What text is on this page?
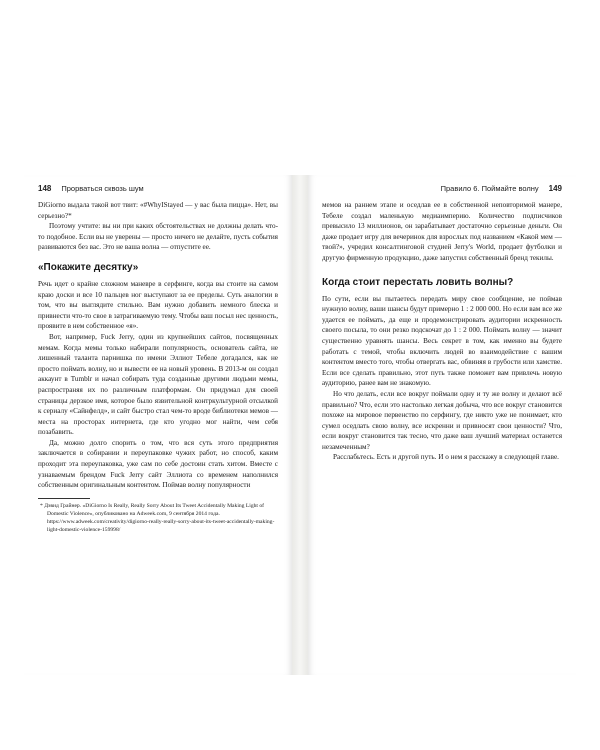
148 Прорваться сквозь шум

DiGiorno выдала такой вот твит: «#WhyIStayed — у вас была пицца». Нет, вы серьезно?*

Поэтому учтите: вы ни при каких обстоятельствах не должны делать что-то подобное. Если вы не уверены — просто ничего не делайте, пусть события развиваются без вас. Это не ваша волна — отпустите ее.

«Покажите десятку»

Речь идет о крайне сложном маневре в серфинге, когда вы стоите на самом краю доски и все 10 пальцев ног выступают за ее пределы. Суть аналогии в том, что вы выглядите стильно. Вам нужно добавить немного блеска и привнести что-то свое в затрагиваемую тему. Чтобы ваш посыл нес ценность, проявите в нем собственное «я».

Вот, например, Fuck Jerry, один из крупнейших сайтов, посвященных мемам. Когда мемы только набирали популярность, основатель сайта, не лишенный таланта парнишка по имени Эллиот Тебеле догадался, как не просто поймать волну, но и вывести ее на новый уровень. В 2013-м он создал аккаунт в Tumblr и начал собирать туда созданные другими людьми мемы, распространяя их по различным платформам. Он придумал для своей страницы дерзкое имя, которое было язвительной контркультурной отсылкой к сериалу «Сайнфелд», и сайт быстро стал чем-то вроде библиотеки мемов — места на просторах интернета, где кто угодно мог найти, чем себя позабавить.

Да, можно долго спорить о том, что вся суть этого предприятия заключается в собирании и переупаковке чужих работ, но способ, каким проходит эта переупаковка, уже сам по себе достоин стать хитом. Вместе с узнаваемым брендом Fuck Jerry сайт Эллиота со временем наполнился собственным оригинальным контентом. Поймав волну популярности

* Дэвид Грайнер. «DiGiorno Is Really, Really Sorry About Its Tweet Accidentally Making Light of Domestic Violence», опубликовано на Adweek.com, 9 сентября 2014 года. https://www.adweek.com/creativity/digiorno-really-really-sorry-about-its-tweet-accidentally-making-light-domestic-violence-159998/
Правило 6. Поймайте волну 149

мемов на раннем этапе и оседлав ее в собственной неповторимой манере, Тебеле создал маленькую медиаимперию. Количество подписчиков превысило 13 миллионов, он зарабатывает достаточно серьезные деньги. Он даже продает игру для вечеринок для взрослых под названием «Какой мем — твой?», учредил консалтинговой студией Jerry's World, продает футболки и другую фирменную продукцию, даже запустил собственный бренд текилы.

Когда стоит перестать ловить волны?

По сути, если вы пытаетесь передать миру свое сообщение, не поймав нужную волну, ваши шансы будут примерно 1 : 2 000 000. Но если вам все же удается ее поймать, да еще и продемонстрировать аудитории искренность своего посыла, то они резко подскочат до 1 : 2 000. Поймать волну — значит существенно уравнять шансы. Весь секрет в том, как именно вы будете работать с темой, чтобы включить людей во взаимодействие с вашим контентом вместо того, чтобы отвергать вас, обвиняя в грубости или хамстве. Если все сделать правильно, этот путь также поможет вам привлечь новую аудиторию, ранее вам не знакомую.

Но что делать, если все вокруг поймали одну и ту же волну и делают всё правильно? Что, если это настолько легкая добыча, что все вокруг становится похоже на мировое первенство по серфингу, где никто уже не понимает, кто сумел оседлать свою волну, все искренни и привносят свои ценности? Что, если вокруг становится так тесно, что даже ваш лучший материал останется незамеченным?

Расслабьтесь. Есть и другой путь. И о нем я расскажу в следующей главе.
